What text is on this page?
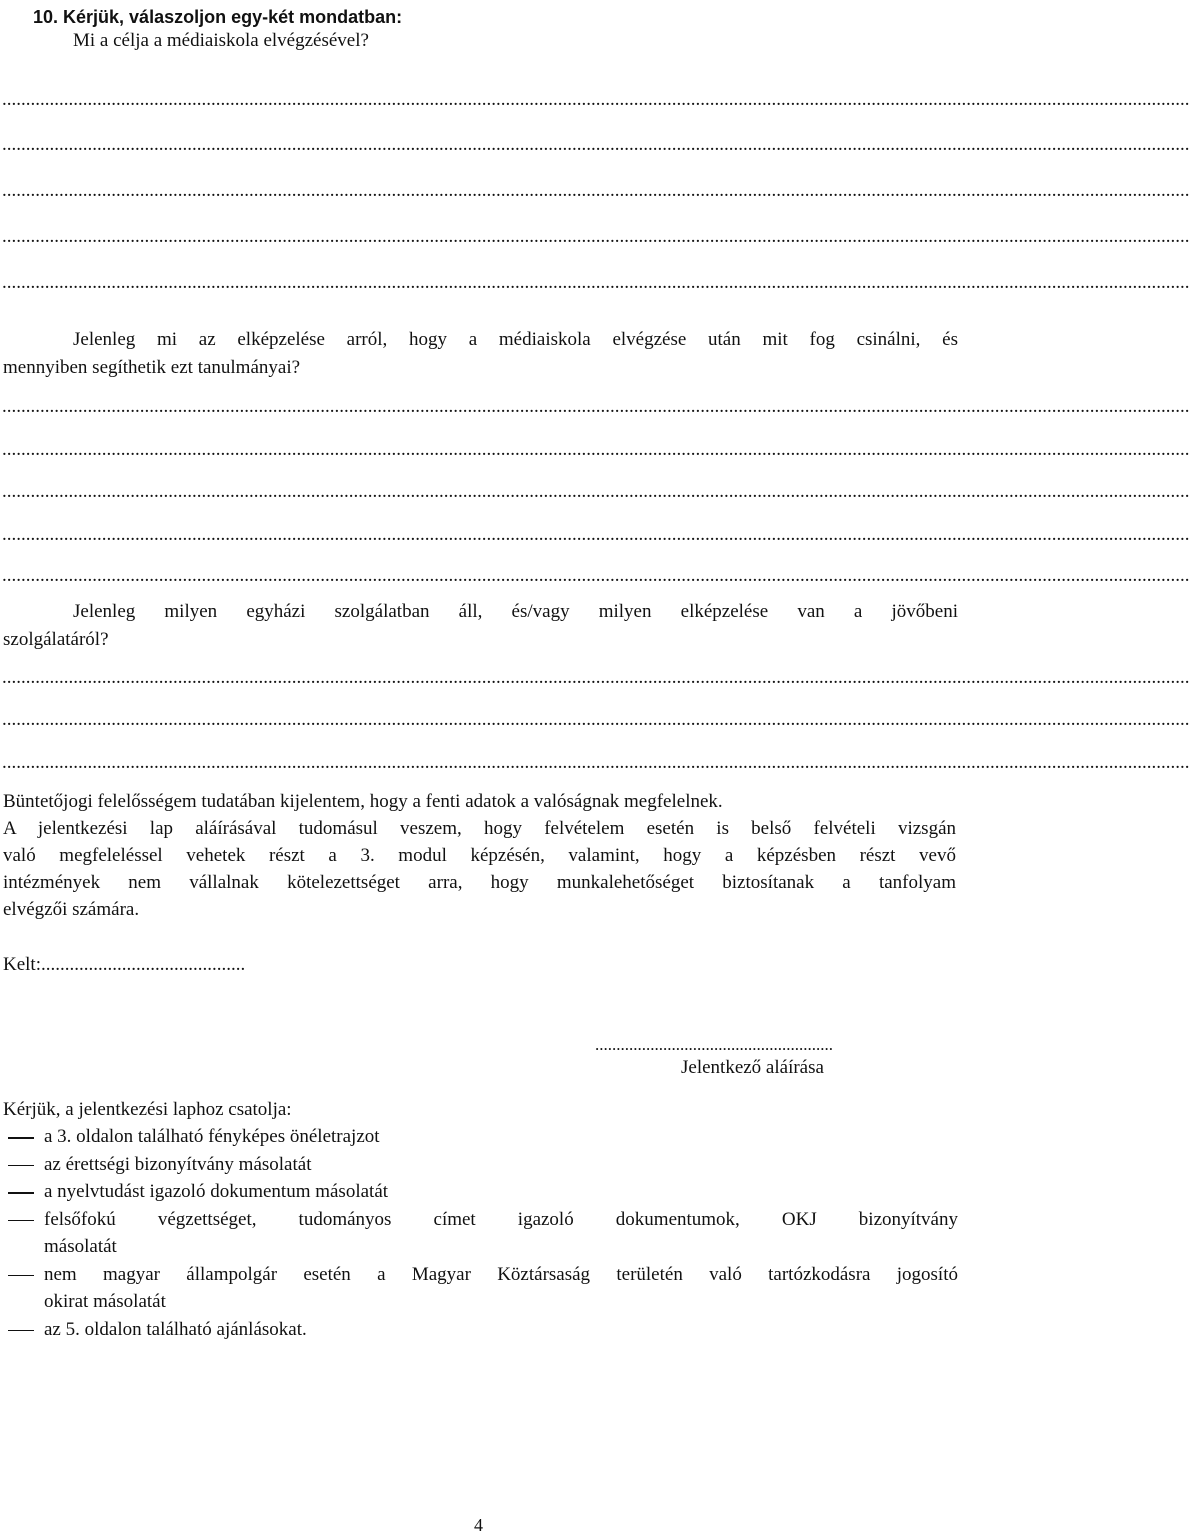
10. Kérjük, válaszoljon egy-két mondatban:
Mi a célja a médiaiskola elvégzésével?
..........................................................................................................................................................................................................................................................
..........................................................................................................................................................................................................................................................
..........................................................................................................................................................................................................................................................
..........................................................................................................................................................................................................................................................
..........................................................................................................................................................................................................................................................
Jelenleg mi az elképzelése arról, hogy a médiaiskola elvégzése után mit fog csinálni, és
mennyiben segíthetik ezt tanulmányai?
..........................................................................................................................................................................................................................................................
..........................................................................................................................................................................................................................................................
..........................................................................................................................................................................................................................................................
..........................................................................................................................................................................................................................................................
..........................................................................................................................................................................................................................................................
Jelenleg milyen egyházi szolgálatban áll, és/vagy milyen elképzelése van a jövőbeni
szolgálatáról?
..........................................................................................................................................................................................................................................................
..........................................................................................................................................................................................................................................................
..........................................................................................................................................................................................................................................................
Büntetőjogi felelősségem tudatában kijelentem, hogy a fenti adatok a valóságnak megfelelnek.
A jelentkezési lap aláírásával tudomásul veszem, hogy felvételem esetén is belső felvételi vizsgán
való megfeleléssel vehetek részt a 3. modul képzésén, valamint, hogy a képzésben részt vevő
intézmények nem vállalnak kötelezettséget arra, hogy munkalehetőséget biztosítanak a tanfolyam
elvégzői számára.
Kelt:...........................................
........................................................
Jelentkező aláírása
Kérjük, a jelentkezési laphoz csatolja:
a 3. oldalon található fényképes önéletrajzot
az érettségi bizonyítvány másolatát
a nyelvtudást igazoló dokumentum másolatát
felsőfokú végzettséget, tudományos címet igazoló dokumentumok, OKJ bizonyítvány
másolatát
nem magyar állampolgár esetén a Magyar Köztársaság területén való tartózkodásra jogosító
okirat másolatát
az 5. oldalon található ajánlásokat.
4
